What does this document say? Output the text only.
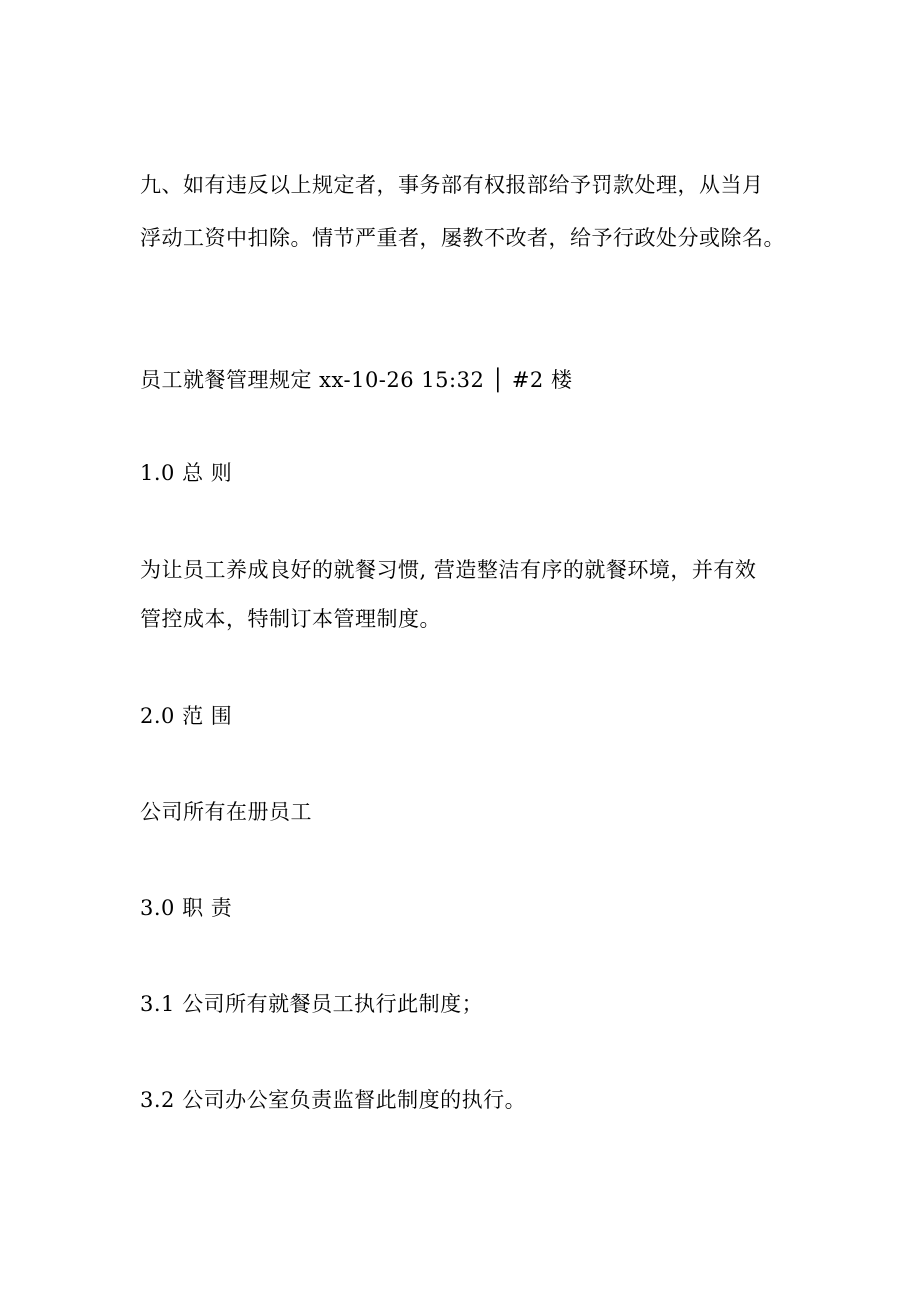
九、如有违反以上规定者，事务部有权报部给予罚款处理，从当月
浮动工资中扣除。情节严重者，屡教不改者，给予行政处分或除名。
员工就餐管理规定 xx-10-26 15:32 │ #2 楼
1.0 总 则
为让员工养成良好的就餐习惯, 营造整洁有序的就餐环境，并有效
管控成本，特制订本管理制度。
2.0 范 围
公司所有在册员工
3.0 职 责
3.1 公司所有就餐员工执行此制度；
3.2 公司办公室负责监督此制度的执行。
